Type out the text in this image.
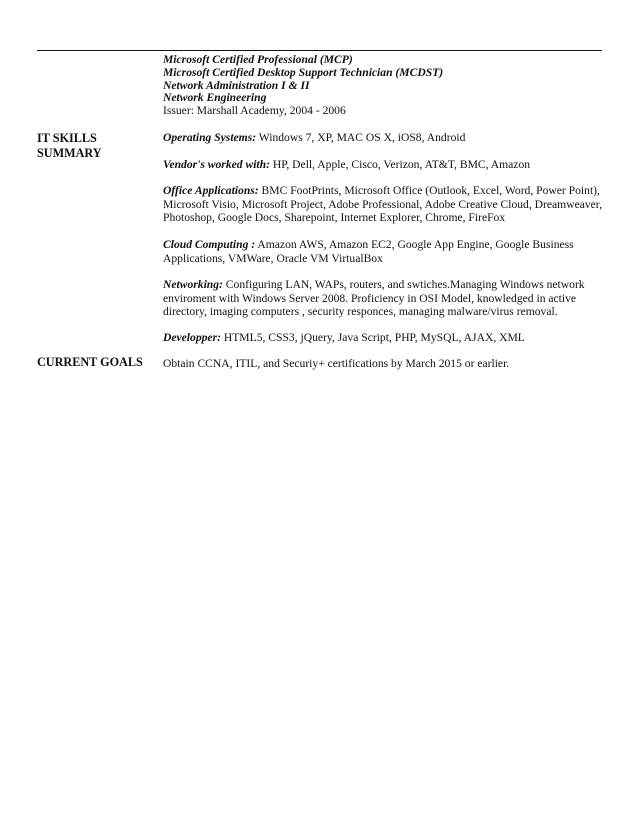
Microsoft Certified Professional (MCP)
Microsoft Certified Desktop Support Technician (MCDST)
Network Administration I & II
Network Engineering
Issuer: Marshall Academy, 2004 - 2006
IT SKILLS SUMMARY
Operating Systems: Windows 7, XP, MAC OS X, iOS8, Android
Vendor's worked with: HP, Dell, Apple, Cisco, Verizon, AT&T, BMC, Amazon
Office Applications: BMC FootPrints, Microsoft Office (Outlook, Excel, Word, Power Point), Microsoft Visio, Microsoft Project, Adobe Professional, Adobe Creative Cloud, Dreamweaver, Photoshop, Google Docs, Sharepoint, Internet Explorer, Chrome, FireFox
Cloud Computing : Amazon AWS, Amazon EC2, Google App Engine, Google Business Applications, VMWare, Oracle VM VirtualBox
Networking: Configuring LAN, WAPs, routers, and swtiches.Managing Windows network enviroment with Windows Server 2008. Proficiency in OSI Model, knowledged in active directory, imaging computers , security responces, managing malware/virus removal.
Developper: HTML5, CSS3, jQuery, Java Script, PHP, MySQL, AJAX, XML
CURRENT GOALS	Obtain CCNA, ITIL, and Securiy+ certifications by March 2015 or earlier.
